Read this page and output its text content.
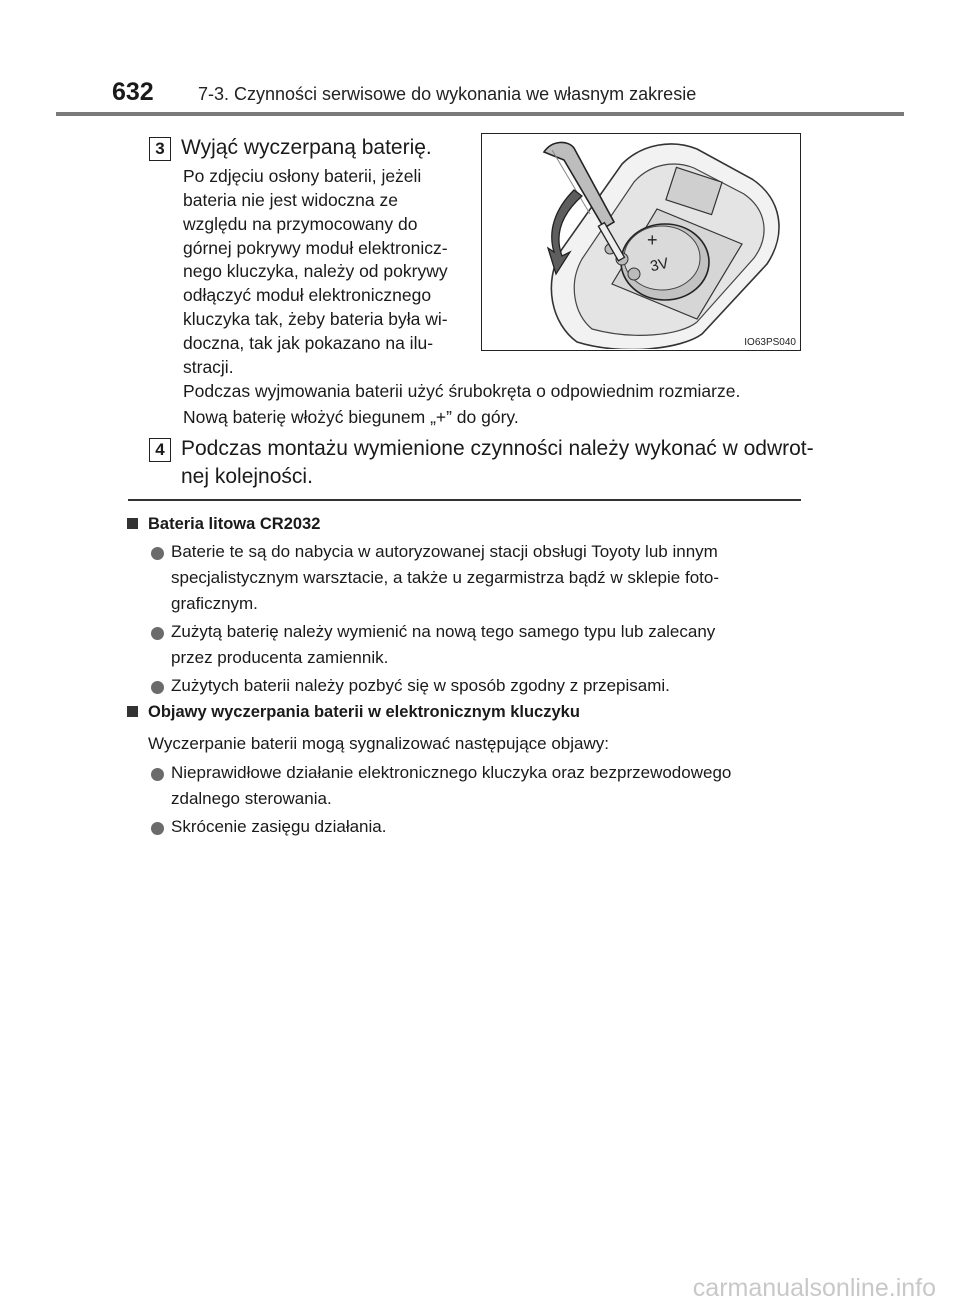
632 7-3. Czynności serwisowe do wykonania we własnym zakresie
3 Wyjąć wyczerpaną baterię.
Po zdjęciu osłony baterii, jeżeli
bateria nie jest widoczna ze
względu na przymocowany do
górnej pokrywy moduł elektronicz-
nego kluczyka, należy od pokrywy
odłączyć moduł elektronicznego
kluczyka tak, żeby bateria była wi-
doczna, tak jak pokazano na ilu-
stracji.
+
3V
IO63PS040
Podczas wyjmowania baterii użyć śrubokręta o odpowiednim rozmiarze.
Nową baterię włożyć biegunem „+” do góry.
4 Podczas montażu wymienione czynności należy wykonać w odwrot-
nej kolejności.
Bateria litowa CR2032
Baterie te są do nabycia w autoryzowanej stacji obsługi Toyoty lub innym
specjalistycznym warsztacie, a także u zegarmistrza bądź w sklepie foto-
graficznym.
Zużytą baterię należy wymienić na nową tego samego typu lub zalecany
przez producenta zamiennik.
Zużytych baterii należy pozbyć się w sposób zgodny z przepisami.
Objawy wyczerpania baterii w elektronicznym kluczyku
Wyczerpanie baterii mogą sygnalizować następujące objawy:
Nieprawidłowe działanie elektronicznego kluczyka oraz bezprzewodowego
zdalnego sterowania.
Skrócenie zasięgu działania.
carmanualsonline.info
